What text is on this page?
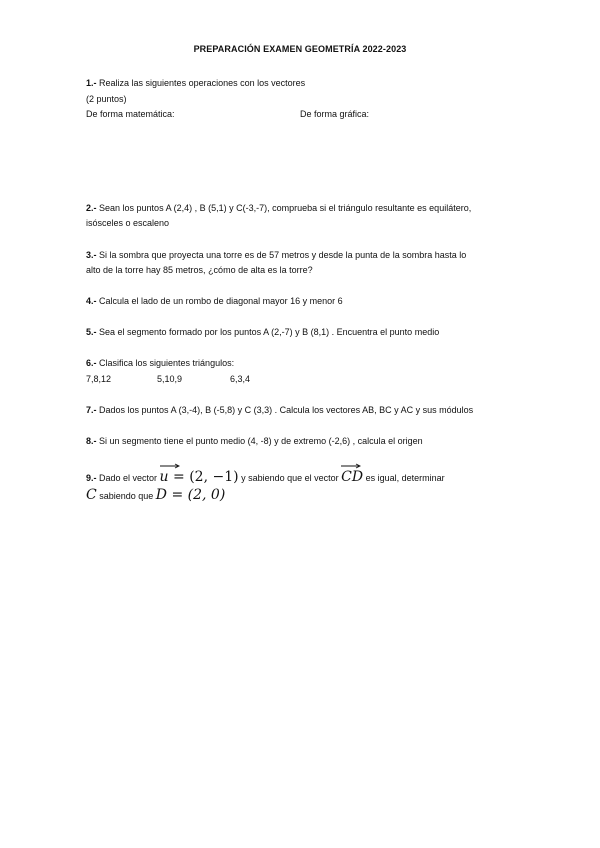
PREPARACIÓN EXAMEN GEOMETRÍA 2022-2023
1.- Realiza las siguientes operaciones con los vectores
(2 puntos)
De forma matemática:	De forma gráfica:
2.- Sean los puntos A (2,4) , B (5,1) y C(-3,-7), comprueba si el triángulo resultante es equilátero,
isósceles o escaleno
3.- Si la sombra que proyecta una torre es de 57 metros y desde la punta de la sombra hasta lo
alto de la torre hay 85 metros, ¿cómo de alta es la torre?
4.- Calcula el lado de un rombo de diagonal mayor 16 y menor 6
5.- Sea el segmento formado por los puntos A (2,-7) y B (8,1) . Encuentra el punto medio
6.- Clasifica los siguientes triángulos:
7,8,12	5,10,9	6,3,4
7.- Dados los puntos A (3,-4), B (-5,8) y C (3,3) . Calcula los vectores AB, BC y AC y sus módulos
8.- Si un segmento tiene el punto medio (4, -8) y de extremo (-2,6) , calcula el origen
9.- Dado el vector u
= (2, −1) y sabiendo que el vector CD
es igual, determinar
C sabiendo que D = (2, 0)
